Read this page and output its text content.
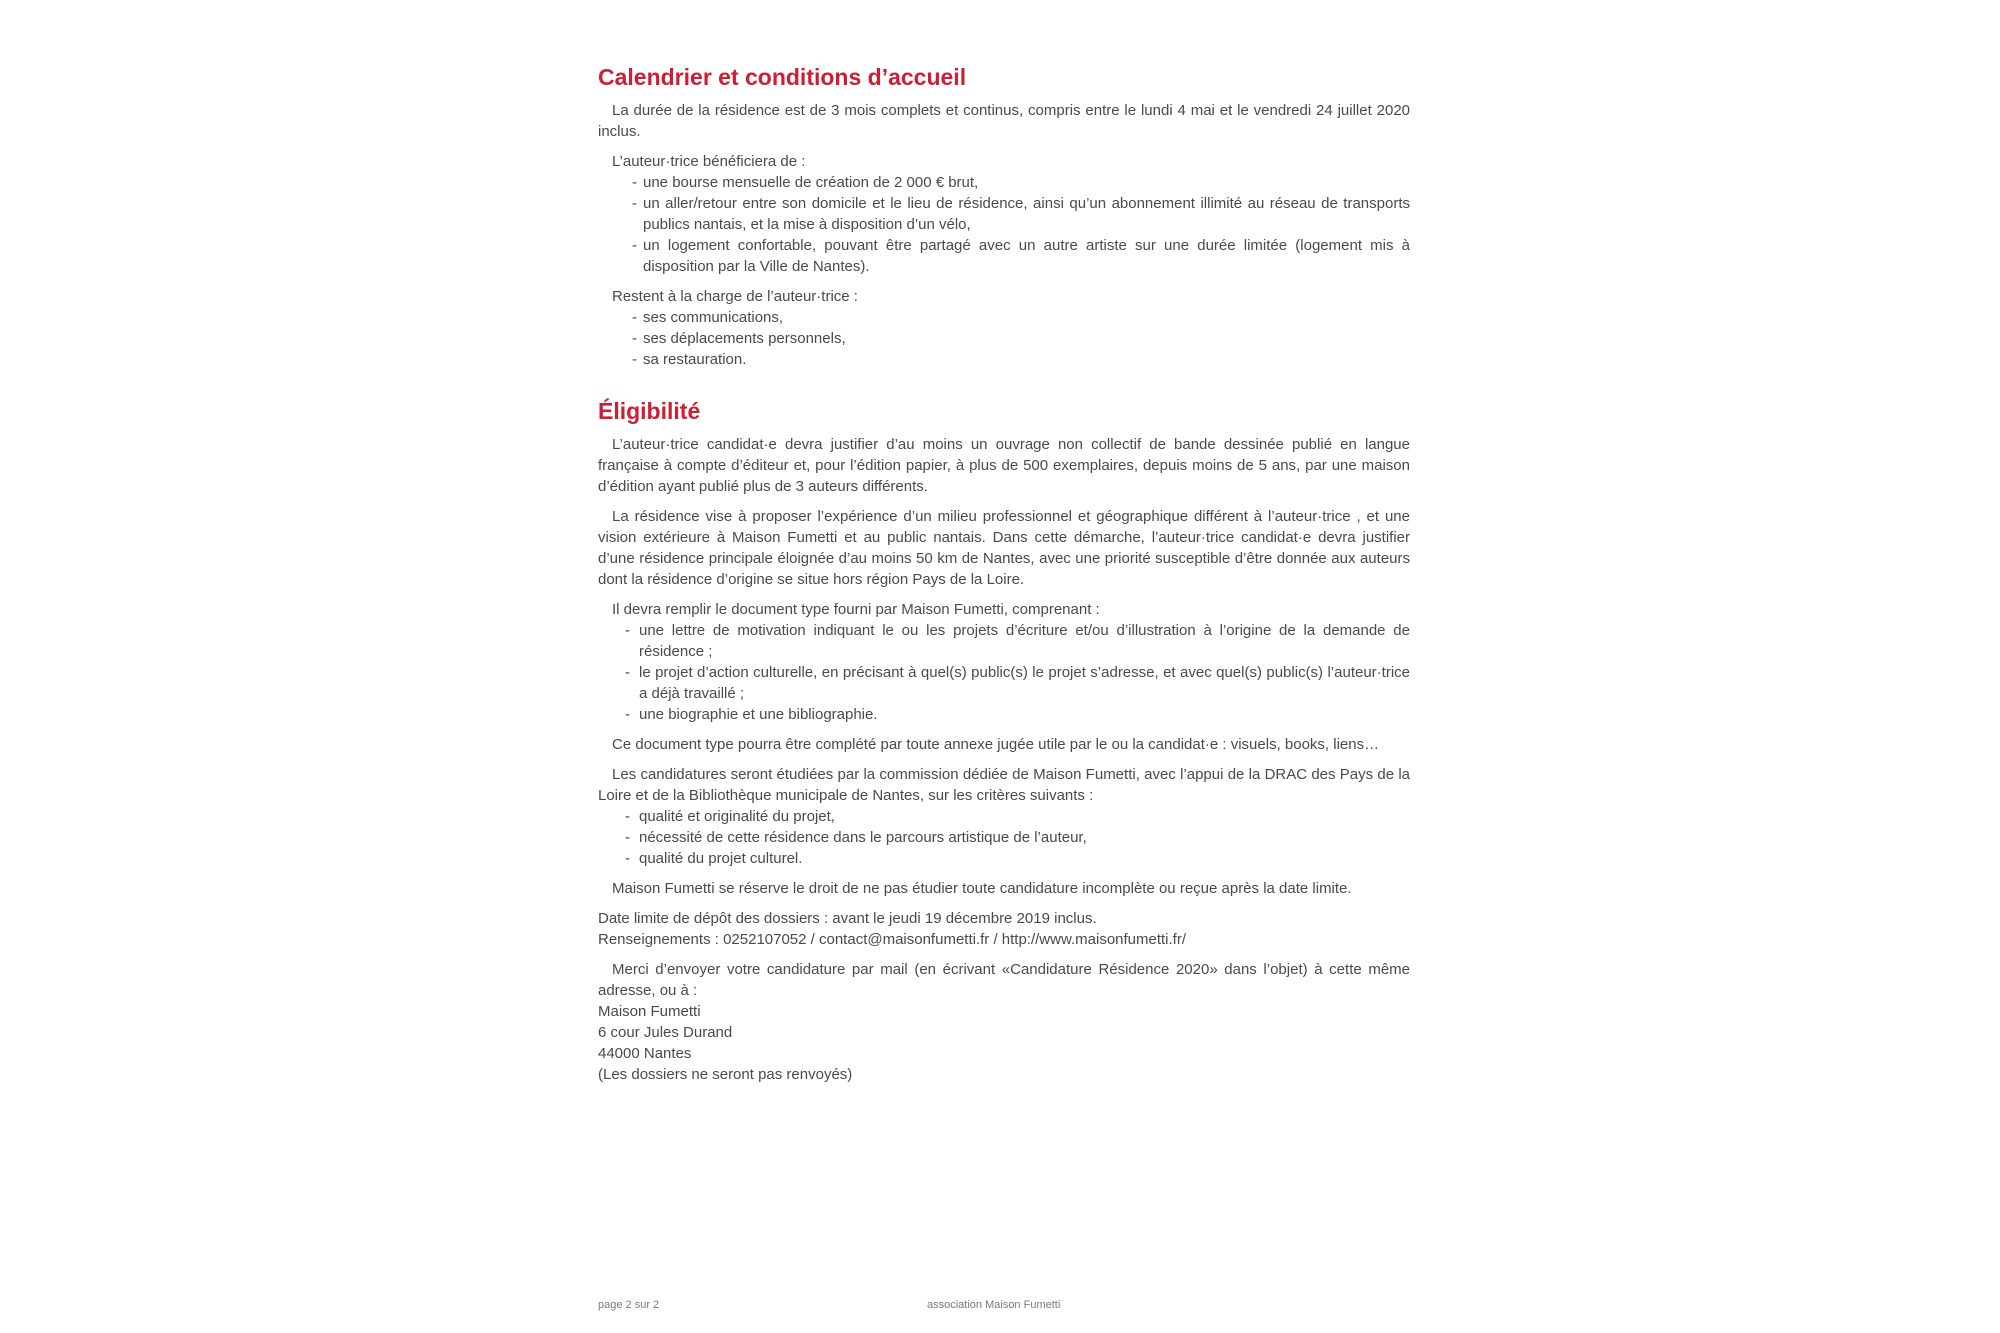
Calendrier et conditions d’accueil

La durée de la résidence est de 3 mois complets et continus, compris entre le lundi 4 mai et le vendredi 24 juillet 2020 inclus.

L’auteur·trice bénéficiera de :
- une bourse mensuelle de création de 2 000 € brut,
- un aller/retour entre son domicile et le lieu de résidence, ainsi qu’un abonnement illimité au réseau de transports publics nantais, et la mise à disposition d’un vélo,
- un logement confortable, pouvant être partagé avec un autre artiste sur une durée limitée (logement mis à disposition par la Ville de Nantes).
Restent à la charge de l’auteur·trice :
- ses communications,
- ses déplacements personnels,
- sa restauration.
Éligibilité

L’auteur·trice candidat·e devra justifier d’au moins un ouvrage non collectif de bande dessinée publié en langue française à compte d’éditeur et, pour l’édition papier, à plus de 500 exemplaires, depuis moins de 5 ans, par une maison d’édition ayant publié plus de 3 auteurs différents.

La résidence vise à proposer l’expérience d’un milieu professionnel et géographique différent à l’auteur·trice , et une vision extérieure à Maison Fumetti et au public nantais. Dans cette démarche, l’auteur·trice candidat·e devra justifier d’une résidence principale éloignée d’au moins 50 km de Nantes, avec une priorité susceptible d’être donnée aux auteurs dont la résidence d’origine se situe hors région Pays de la Loire.

Il devra remplir le document type fourni par Maison Fumetti, comprenant :
- une lettre de motivation indiquant le ou les projets d’écriture et/ou d’illustration à l’origine de la demande de résidence ;
- le projet d’action culturelle, en précisant à quel(s) public(s) le projet s’adresse, et avec quel(s) public(s) l’auteur·trice a déjà travaillé ;
- une biographie et une bibliographie.

Ce document type pourra être complété par toute annexe jugée utile par le ou la candidat·e : visuels, books, liens…

Les candidatures seront étudiées par la commission dédiée de Maison Fumetti, avec l’appui de la DRAC des Pays de la Loire et de la Bibliothèque municipale de Nantes, sur les critères suivants :

- qualité et originalité du projet,
- nécessité de cette résidence dans le parcours artistique de l’auteur,
- qualité du projet culturel.

Maison Fumetti se réserve le droit de ne pas étudier toute candidature incomplète ou reçue après la date limite.

Date limite de dépôt des dossiers : avant le jeudi 19 décembre 2019 inclus.
Renseignements : 0252107052 / contact@maisonfumetti.fr / http://www.maisonfumetti.fr/
Merci d’envoyer votre candidature par mail (en écrivant «Candidature Résidence 2020» dans l’objet) à cette même adresse, ou à :
Maison Fumetti
6 cour Jules Durand
44000 Nantes
(Les dossiers ne seront pas renvoyés)
page 2 sur 2	association Maison Fumetti
